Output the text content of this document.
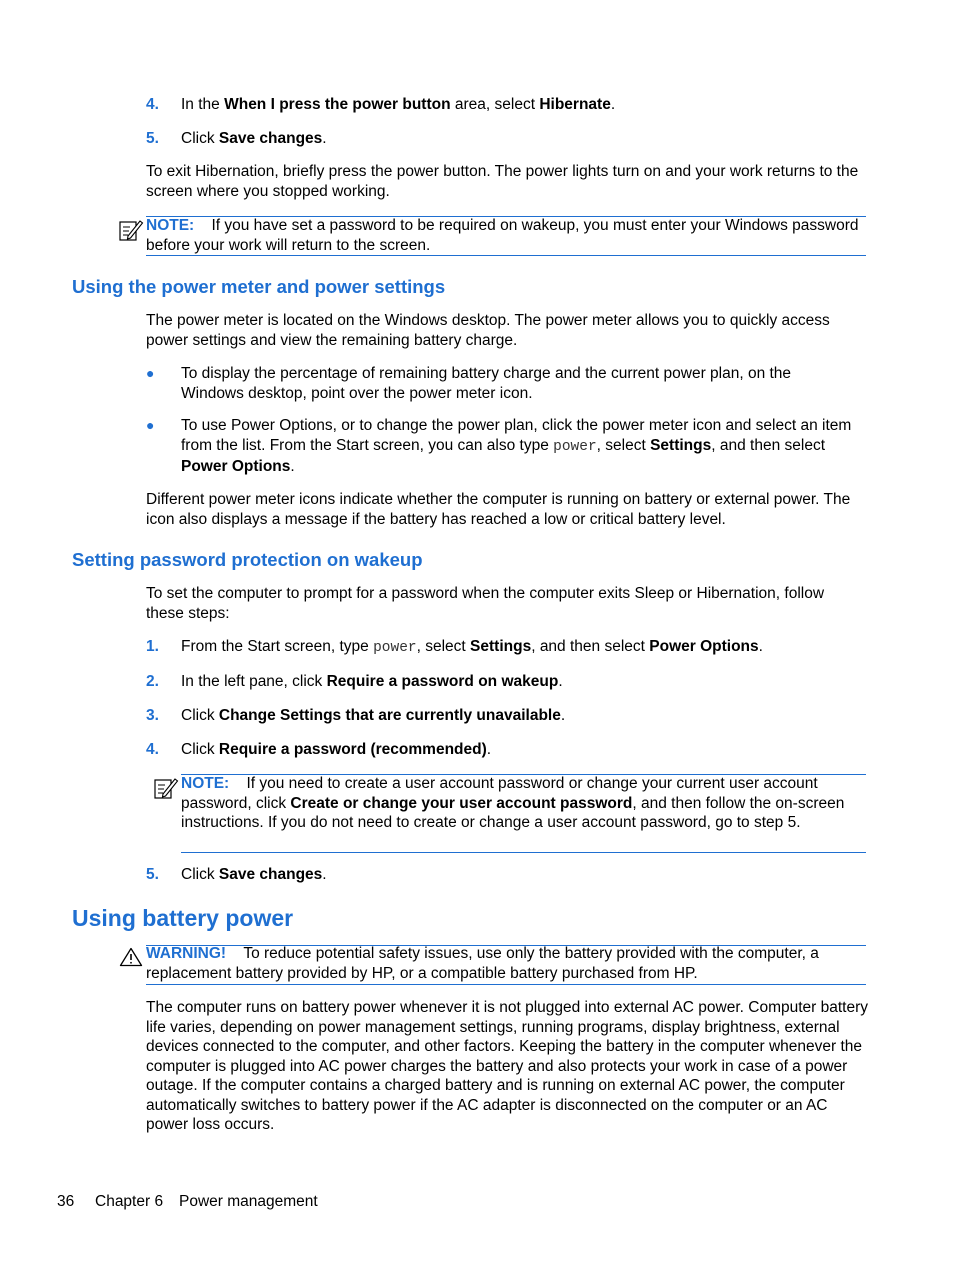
4. In the When I press the power button area, select Hibernate.
5. Click Save changes.
To exit Hibernation, briefly press the power button. The power lights turn on and your work returns to the screen where you stopped working.
NOTE: If you have set a password to be required on wakeup, you must enter your Windows password before your work will return to the screen.
Using the power meter and power settings
The power meter is located on the Windows desktop. The power meter allows you to quickly access power settings and view the remaining battery charge.
● To display the percentage of remaining battery charge and the current power plan, on the Windows desktop, point over the power meter icon.
● To use Power Options, or to change the power plan, click the power meter icon and select an item from the list. From the Start screen, you can also type power, select Settings, and then select Power Options.
Different power meter icons indicate whether the computer is running on battery or external power. The icon also displays a message if the battery has reached a low or critical battery level.
Setting password protection on wakeup
To set the computer to prompt for a password when the computer exits Sleep or Hibernation, follow these steps:
1. From the Start screen, type power, select Settings, and then select Power Options.
2. In the left pane, click Require a password on wakeup.
3. Click Change Settings that are currently unavailable.
4. Click Require a password (recommended).
NOTE: If you need to create a user account password or change your current user account password, click Create or change your user account password, and then follow the on-screen instructions. If you do not need to create or change a user account password, go to step 5.
5. Click Save changes.
Using battery power
WARNING! To reduce potential safety issues, use only the battery provided with the computer, a replacement battery provided by HP, or a compatible battery purchased from HP.
The computer runs on battery power whenever it is not plugged into external AC power. Computer battery life varies, depending on power management settings, running programs, display brightness, external devices connected to the computer, and other factors. Keeping the battery in the computer whenever the computer is plugged into AC power charges the battery and also protects your work in case of a power outage. If the computer contains a charged battery and is running on external AC power, the computer automatically switches to battery power if the AC adapter is disconnected on the computer or an AC power loss occurs.
36 Chapter 6 Power management
